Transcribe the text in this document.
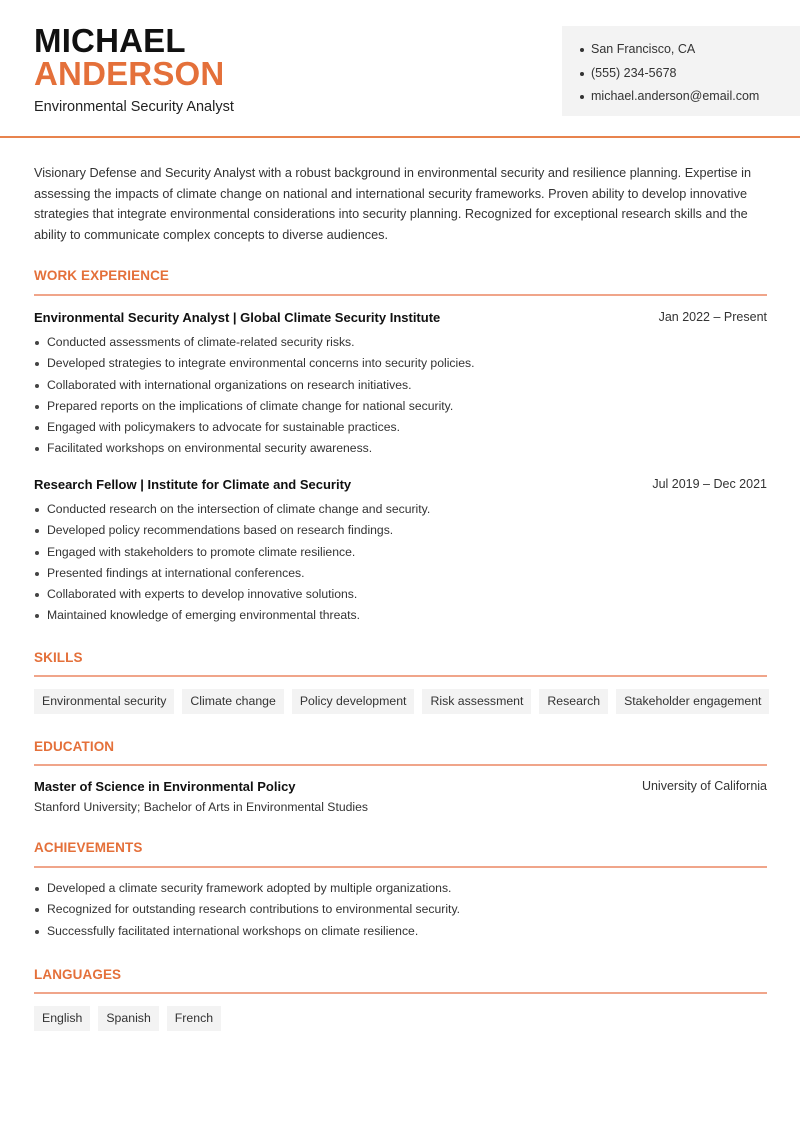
MICHAEL
ANDERSON
Environmental Security Analyst
San Francisco, CA
(555) 234-5678
michael.anderson@email.com

Visionary Defense and Security Analyst with a robust background in environmental security and resilience planning. Expertise in assessing the impacts of climate change on national and international security frameworks. Proven ability to develop innovative strategies that integrate environmental considerations into security planning. Recognized for exceptional research skills and the ability to communicate complex concepts to diverse audiences.

WORK EXPERIENCE
Environmental Security Analyst | Global Climate Security Institute	Jan 2022 – Present
Conducted assessments of climate-related security risks.
Developed strategies to integrate environmental concerns into security policies.
Collaborated with international organizations on research initiatives.
Prepared reports on the implications of climate change for national security.
Engaged with policymakers to advocate for sustainable practices.
Facilitated workshops on environmental security awareness.
Research Fellow | Institute for Climate and Security	Jul 2019 – Dec 2021
Conducted research on the intersection of climate change and security.
Developed policy recommendations based on research findings.
Engaged with stakeholders to promote climate resilience.
Presented findings at international conferences.
Collaborated with experts to develop innovative solutions.
Maintained knowledge of emerging environmental threats.
SKILLS
Environmental security	Climate change	Policy development	Risk assessment	Research	Stakeholder engagement
EDUCATION
Master of Science in Environmental Policy	University of California
Stanford University; Bachelor of Arts in Environmental Studies
ACHIEVEMENTS
Developed a climate security framework adopted by multiple organizations.
Recognized for outstanding research contributions to environmental security.
Successfully facilitated international workshops on climate resilience.
LANGUAGES
English	Spanish	French
